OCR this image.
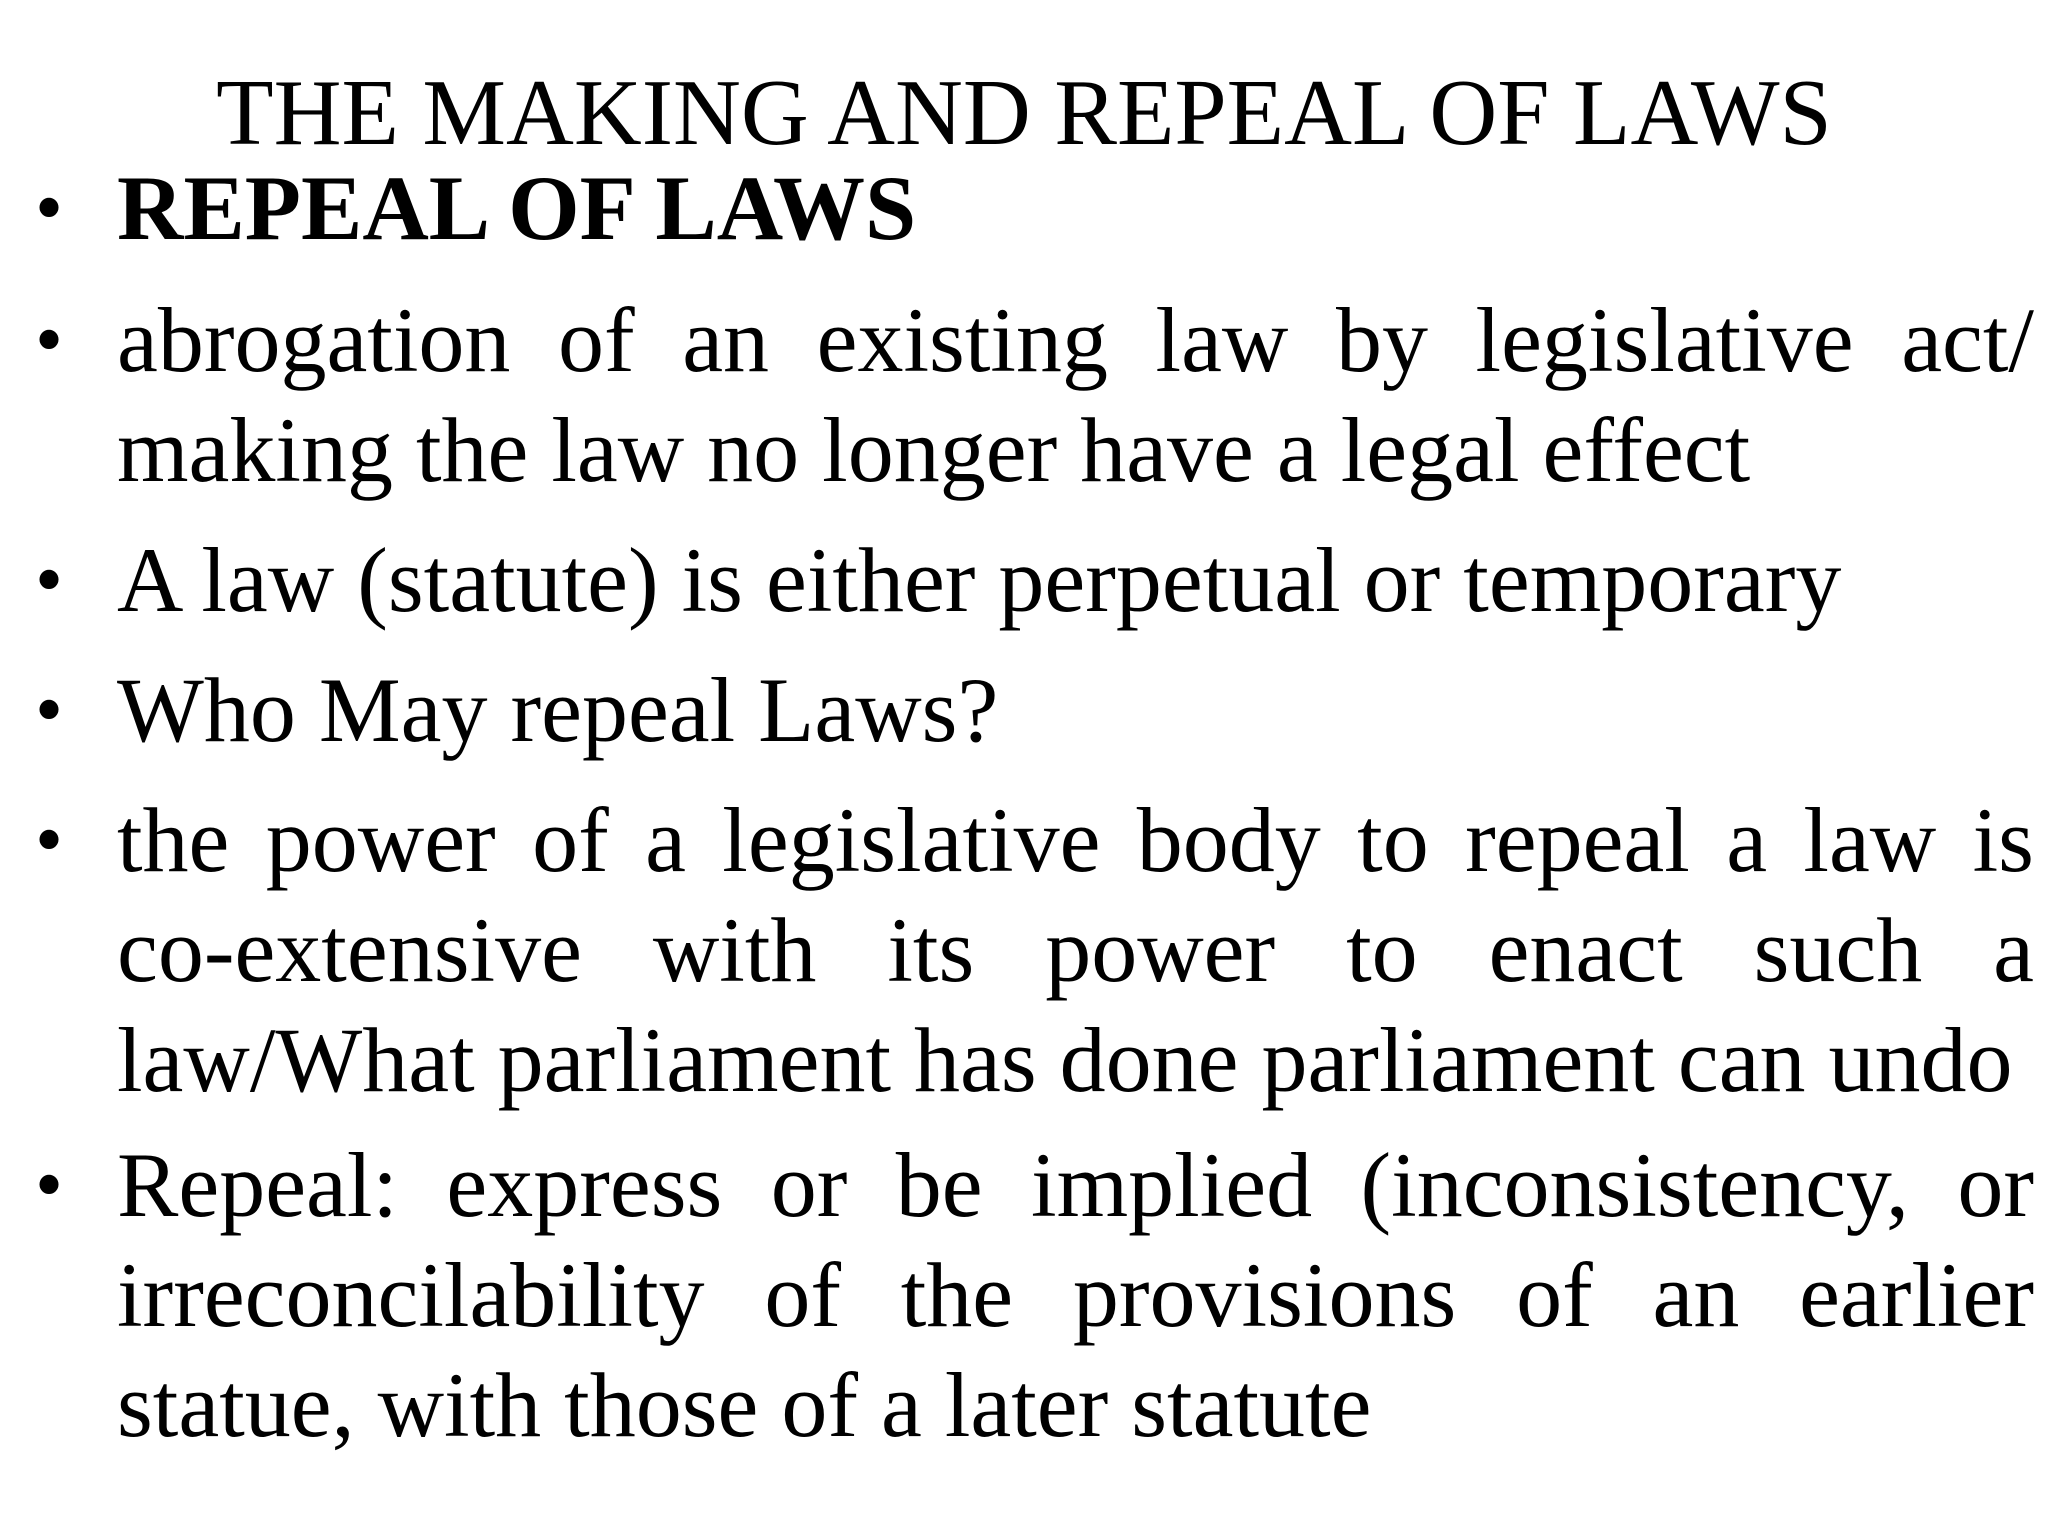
THE MAKING AND REPEAL OF LAWS
• REPEAL OF LAWS
• abrogation of an existing law by legislative act/ making the law no longer have a legal effect
• A law (statute) is either perpetual or temporary
• Who May repeal Laws?
• the power of a legislative body to repeal a law is co-extensive with its power to enact such a law/What parliament has done parliament can undo
• Repeal: express or be implied (inconsistency, or irreconcilability of the provisions of an earlier statue, with those of a later statute
